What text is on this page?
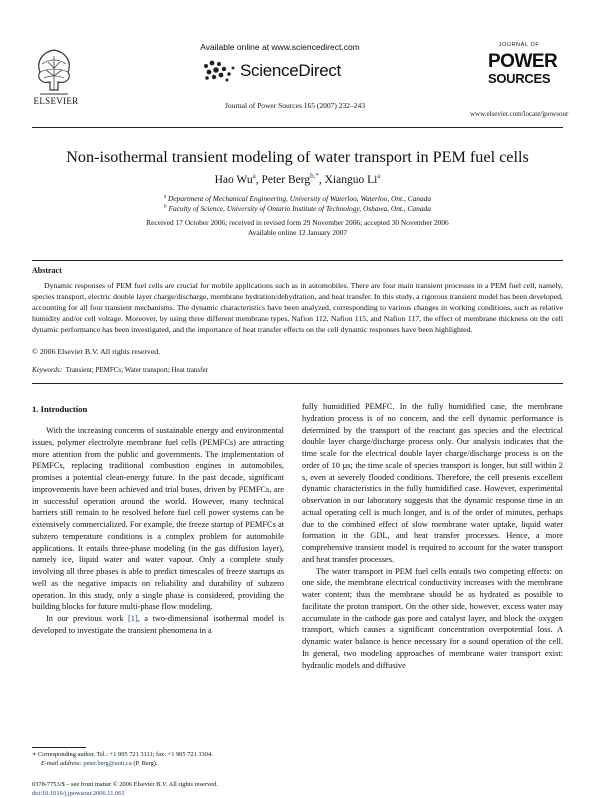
ELSEVIER
Available online at www.sciencedirect.com
ScienceDirect
Journal of Power Sources 165 (2007) 232–243
JOURNAL OF
POWER
SOURCES
www.elsevier.com/locate/jpowsour
Non-isothermal transient modeling of water transport in PEM fuel cells
Hao Wu$^a$, Peter Berg$^{b,*}$, Xianguo Li$^a$
$^a$ Department of Mechanical Engineering, University of Waterloo, Waterloo, Ont., Canada
$^b$ Faculty of Science, University of Ontario Institute of Technology, Oshawa, Ont., Canada
Received 17 October 2006; received in revised form 29 November 2006; accepted 30 November 2006
Available online 12 January 2007
Abstract
Dynamic responses of PEM fuel cells are crucial for mobile applications such as in automobiles. There are four main transient processes in a PEM fuel cell, namely, species transport, electric double layer charge/discharge, membrane hydration/dehydration, and heat transfer. In this study, a rigorous transient model has been developed, accounting for all four transient mechanisms. The dynamic characteristics have been analyzed, corresponding to various changes in working conditions, such as relative humidity and/or cell voltage. Moreover, by using three different membrane types, Nafion 112, Nafion 115, and Nafion 117, the effect of membrane thickness on the cell dynamic performance has been investigated, and the importance of heat transfer effects on the cell dynamic responses have been highlighted.
© 2006 Elsevier B.V. All rights reserved.
Keywords: Transient; PEMFCs; Water transport; Heat transfer
1. Introduction

With the increasing concerns of sustainable energy and environmental issues, polymer electrolyte membrane fuel cells (PEMFCs) are attracting more attention from the public and governments. The implementation of PEMFCs, replacing traditional combustion engines in automobiles, promises a potential clean-energy future. In the past decade, significant improvements have been achieved and trial buses, driven by PEMFCs, are in successful operation around the world. However, many technical barriers still remain to be resolved before fuel cell power systems can be extensively commercialized. For example, the freeze startup of PEMFCs at subzero temperature conditions is a complex problem for automobile applications. It entails three-phase modeling (in the gas diffusion layer), namely ice, liquid water and water vapour. Only a complete study involving all three phases is able to predict timescales of freeze startups as well as the negative impacts on reliability and durability of subzero operation. In this study, only a single phase is considered, providing the building blocks for future multi-phase flow modeling.

In our previous work [1], a two-dimensional isothermal model is developed to investigate the transient phenomena in a

fully humidified PEMFC. In the fully humidified case, the membrane hydration process is of no concern, and the cell dynamic performance is determined by the transport of the reactant gas species and the electrical double layer charge/discharge process only. Our analysis indicates that the time scale for the electrical double layer charge/discharge process is on the order of 10 µs; the time scale of species transport is longer, but still within 2 s, even at severely flooded conditions. Therefore, the cell presents excellent dynamic characteristics in the fully humidified case. However, experimental observation in our laboratory suggests that the dynamic response time in an actual operating cell is much longer, and is of the order of minutes, perhaps due to the combined effect of slow membrane water uptake, liquid water formation in the GDL, and heat transfer processes. Hence, a more comprehensive transient model is required to account for the water transport and heat transfer processes.

The water transport in PEM fuel cells entails two competing effects: on one side, the membrane electrical conductivity increases with the membrane water content; thus the membrane should be as hydrated as possible to facilitate the proton transport. On the other side, however, excess water may accumulate in the cathode gas pore and catalyst layer, and block the oxygen transport, which causes a significant concentration overpotential loss. A dynamic water balance is hence necessary for a sound operation of the cell. In general, two modeling approaches of membrane water transport exist: hydraulic models and diffusive

∗ Corresponding author. Tel.: +1 905 721 3111; fax: +1 905 721 3304.
E-mail address: peter.berg@uoit.ca (P. Berg).
0378-7753/$ – see front matter © 2006 Elsevier B.V. All rights reserved.
doi:10.1016/j.jpowsour.2006.11.061
